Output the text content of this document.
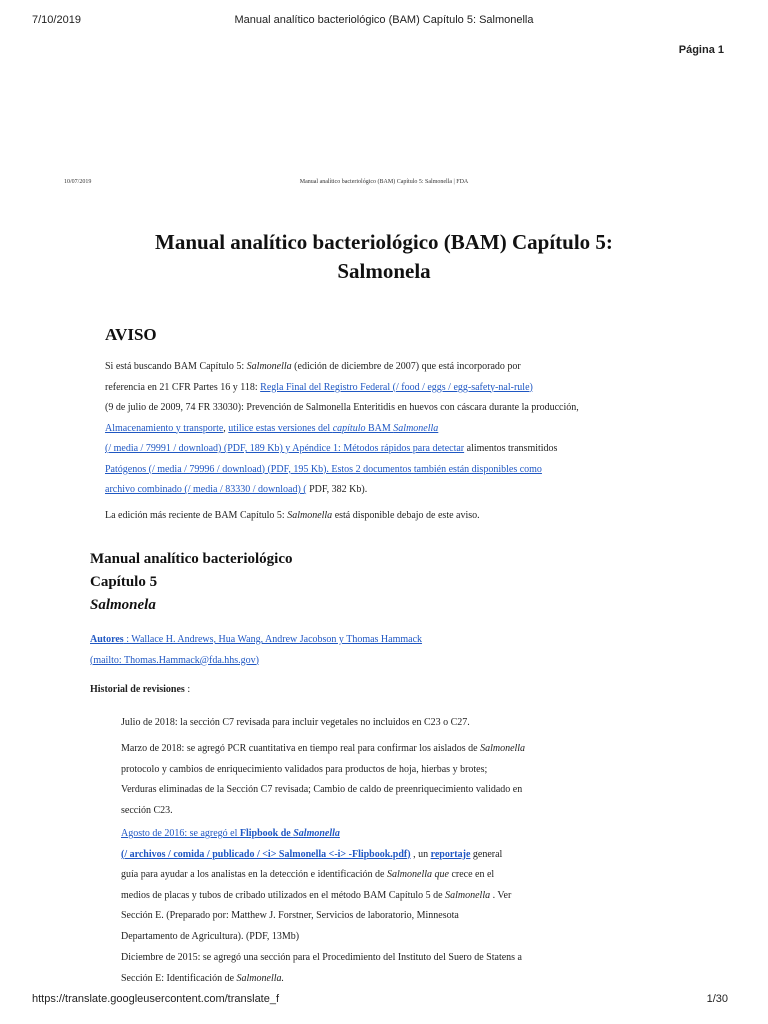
7/10/2019	Manual analítico bacteriológico (BAM) Capítulo 5: Salmonella
Página 1
10/07/2019	Manual analítico bacteriológico (BAM) Capítulo 5: Salmonella | FDA
Manual analítico bacteriológico (BAM) Capítulo 5:
Salmonela
AVISO
Si está buscando BAM Capítulo 5: Salmonella (edición de diciembre de 2007) que está incorporado por
referencia en 21 CFR Partes 16 y 118: Regla Final del Registro Federal (/ food / eggs / egg-safety-nal-rule)
(9 de julio de 2009, 74 FR 33030): Prevención de Salmonella Enteritidis en huevos con cáscara durante la producción,
Almacenamiento y transporte, utilice estas versiones del capítulo BAM Salmonella
(/ media / 79991 / download) (PDF, 189 Kb) y Apéndice 1: Métodos rápidos para detectar alimentos transmitidos
Patógenos (/ media / 79996 / download) (PDF, 195 Kb). Estos 2 documentos también están disponibles como
archivo combinado (/ media / 83330 / download) ( PDF, 382 Kb).
La edición más reciente de BAM Capítulo 5: Salmonella está disponible debajo de este aviso.
Manual analítico bacteriológico
Capítulo 5
Salmonela
Autores : Wallace H. Andrews, Hua Wang, Andrew Jacobson y Thomas Hammack
(mailto: Thomas.Hammack@fda.hhs.gov)
Historial de revisiones :
Julio de 2018: la sección C7 revisada para incluir vegetales no incluidos en C23 o C27.
Marzo de 2018: se agregó PCR cuantitativa en tiempo real para confirmar los aislados de Salmonella
protocolo y cambios de enriquecimiento validados para productos de hoja, hierbas y brotes;
Verduras eliminadas de la Sección C7 revisada; Cambio de caldo de preenriquecimiento validado en
sección C23.
Agosto de 2016: se agregó el Flipbook de Salmonella
(/ archivos / comida / publicado / <i> Salmonella <-i> -Flipbook.pdf) , un reportaje general
guía para ayudar a los analistas en la detección e identificación de Salmonella que crece en el
medios de placas y tubos de cribado utilizados en el método BAM Capítulo 5 de Salmonella . Ver
Sección E. (Preparado por: Matthew J. Forstner, Servicios de laboratorio, Minnesota
Departamento de Agricultura). (PDF, 13Mb)
Diciembre de 2015: se agregó una sección para el Procedimiento del Instituto del Suero de Statens a
Sección E: Identificación de Salmonella.
https://translate.googleusercontent.com/translate_f	1/30
